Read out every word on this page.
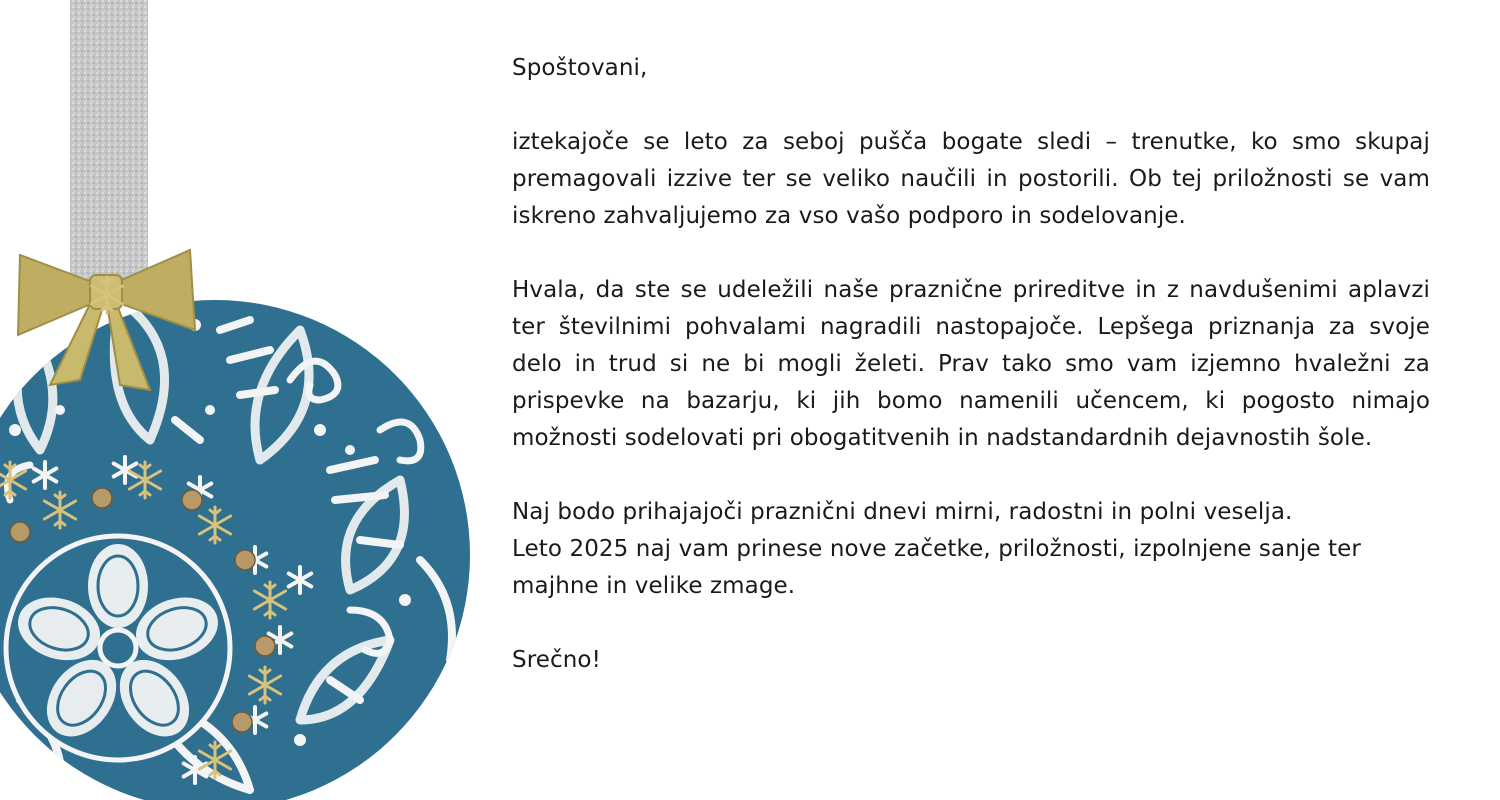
Spoštovani,

iztekajoče se leto za seboj pušča bogate sledi – trenutke, ko smo skupaj premagovali izzive ter se veliko naučili in postorili. Ob tej priložnosti se vam iskreno zahvaljujemo za vso vašo podporo in sodelovanje.

Hvala, da ste se udeležili naše praznične prireditve in z navdušenimi aplavzi ter številnimi pohvalami nagradili nastopajoče. Lepšega priznanja za svoje delo in trud si ne bi mogli želeti. Prav tako smo vam izjemno hvaležni za prispevke na bazarju, ki jih bomo namenili učencem, ki pogosto nimajo možnosti sodelovati pri obogatitvenih in nadstandardnih dejavnostih šole.

Naj bodo prihajajoči praznični dnevi mirni, radostni in polni veselja.
Leto 2025 naj vam prinese nove začetke, priložnosti, izpolnjene sanje ter majhne in velike zmage.

Srečno!
